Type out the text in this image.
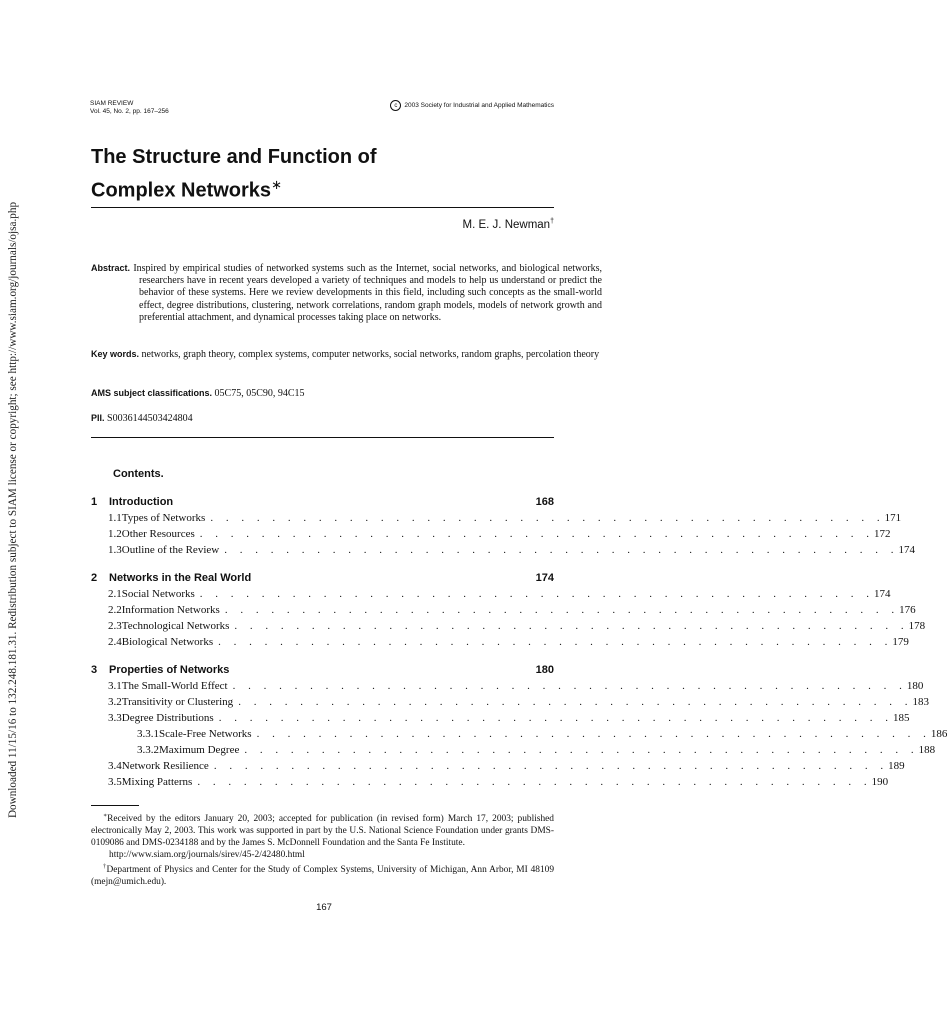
Downloaded 11/15/16 to 132.248.181.31. Redistribution subject to SIAM license or copyright; see http://www.siam.org/journals/ojsa.php
SIAM REVIEW
Vol. 45, No. 2, pp. 167–256
c	2003 Society for Industrial and Applied Mathematics
The Structure and Function of
Complex Networks∗
M. E. J. Newman†
Abstract. Inspired by empirical studies of networked systems such as the Internet, social networks, and biological networks, researchers have in recent years developed a variety of techniques and models to help us understand or predict the behavior of these systems. Here we review developments in this field, including such concepts as the small-world effect, degree distributions, clustering, network correlations, random graph models, models of network growth and preferential attachment, and dynamical processes taking place on networks.
Key words. networks, graph theory, complex systems, computer networks, social networks, random graphs, percolation theory
AMS subject classifications. 05C75, 05C90, 94C15
PII. S0036144503424804
Contents.
1	Introduction	168
1.1 Types of Networks . . . . . . . . . . . . . . . . . . . . . . . . . . . . . . . . . . . . . . . . . . . . 171
1.2 Other Resources . . . . . . . . . . . . . . . . . . . . . . . . . . . . . . . . . . . . . . . . . . . . 172
1.3 Outline of the Review . . . . . . . . . . . . . . . . . . . . . . . . . . . . . . . . . . . . . . . . . . . . 174
2	Networks in the Real World	174
2.1 Social Networks . . . . . . . . . . . . . . . . . . . . . . . . . . . . . . . . . . . . . . . . . . . . 174
2.2 Information Networks . . . . . . . . . . . . . . . . . . . . . . . . . . . . . . . . . . . . . . . . . . . . 176
2.3 Technological Networks . . . . . . . . . . . . . . . . . . . . . . . . . . . . . . . . . . . . . . . . . . . . 178
2.4 Biological Networks . . . . . . . . . . . . . . . . . . . . . . . . . . . . . . . . . . . . . . . . . . . . 179
3	Properties of Networks	180
3.1 The Small-World Effect . . . . . . . . . . . . . . . . . . . . . . . . . . . . . . . . . . . . . . . . . . . . 180
3.2 Transitivity or Clustering . . . . . . . . . . . . . . . . . . . . . . . . . . . . . . . . . . . . . . . . . . . . 183
3.3 Degree Distributions . . . . . . . . . . . . . . . . . . . . . . . . . . . . . . . . . . . . . . . . . . . . 185
3.3.1 Scale-Free Networks . . . . . . . . . . . . . . . . . . . . . . . . . . . . . . . . . . . . . . . . . . . . 186
3.3.2 Maximum Degree . . . . . . . . . . . . . . . . . . . . . . . . . . . . . . . . . . . . . . . . . . . . 188
3.4 Network Resilience . . . . . . . . . . . . . . . . . . . . . . . . . . . . . . . . . . . . . . . . . . . . 189
3.5 Mixing Patterns . . . . . . . . . . . . . . . . . . . . . . . . . . . . . . . . . . . . . . . . . . . . 190

∗Received by the editors January 20, 2003; accepted for publication (in revised form) March 17, 2003; published electronically May 2, 2003. This work was supported in part by the U.S. National Science Foundation under grants DMS-0109086 and DMS-0234188 and by the James S. McDonnell Foundation and the Santa Fe Institute.

http://www.siam.org/journals/sirev/45-2/42480.html

†Department of Physics and Center for the Study of Complex Systems, University of Michigan, Ann Arbor, MI 48109 (mejn@umich.edu).

167
